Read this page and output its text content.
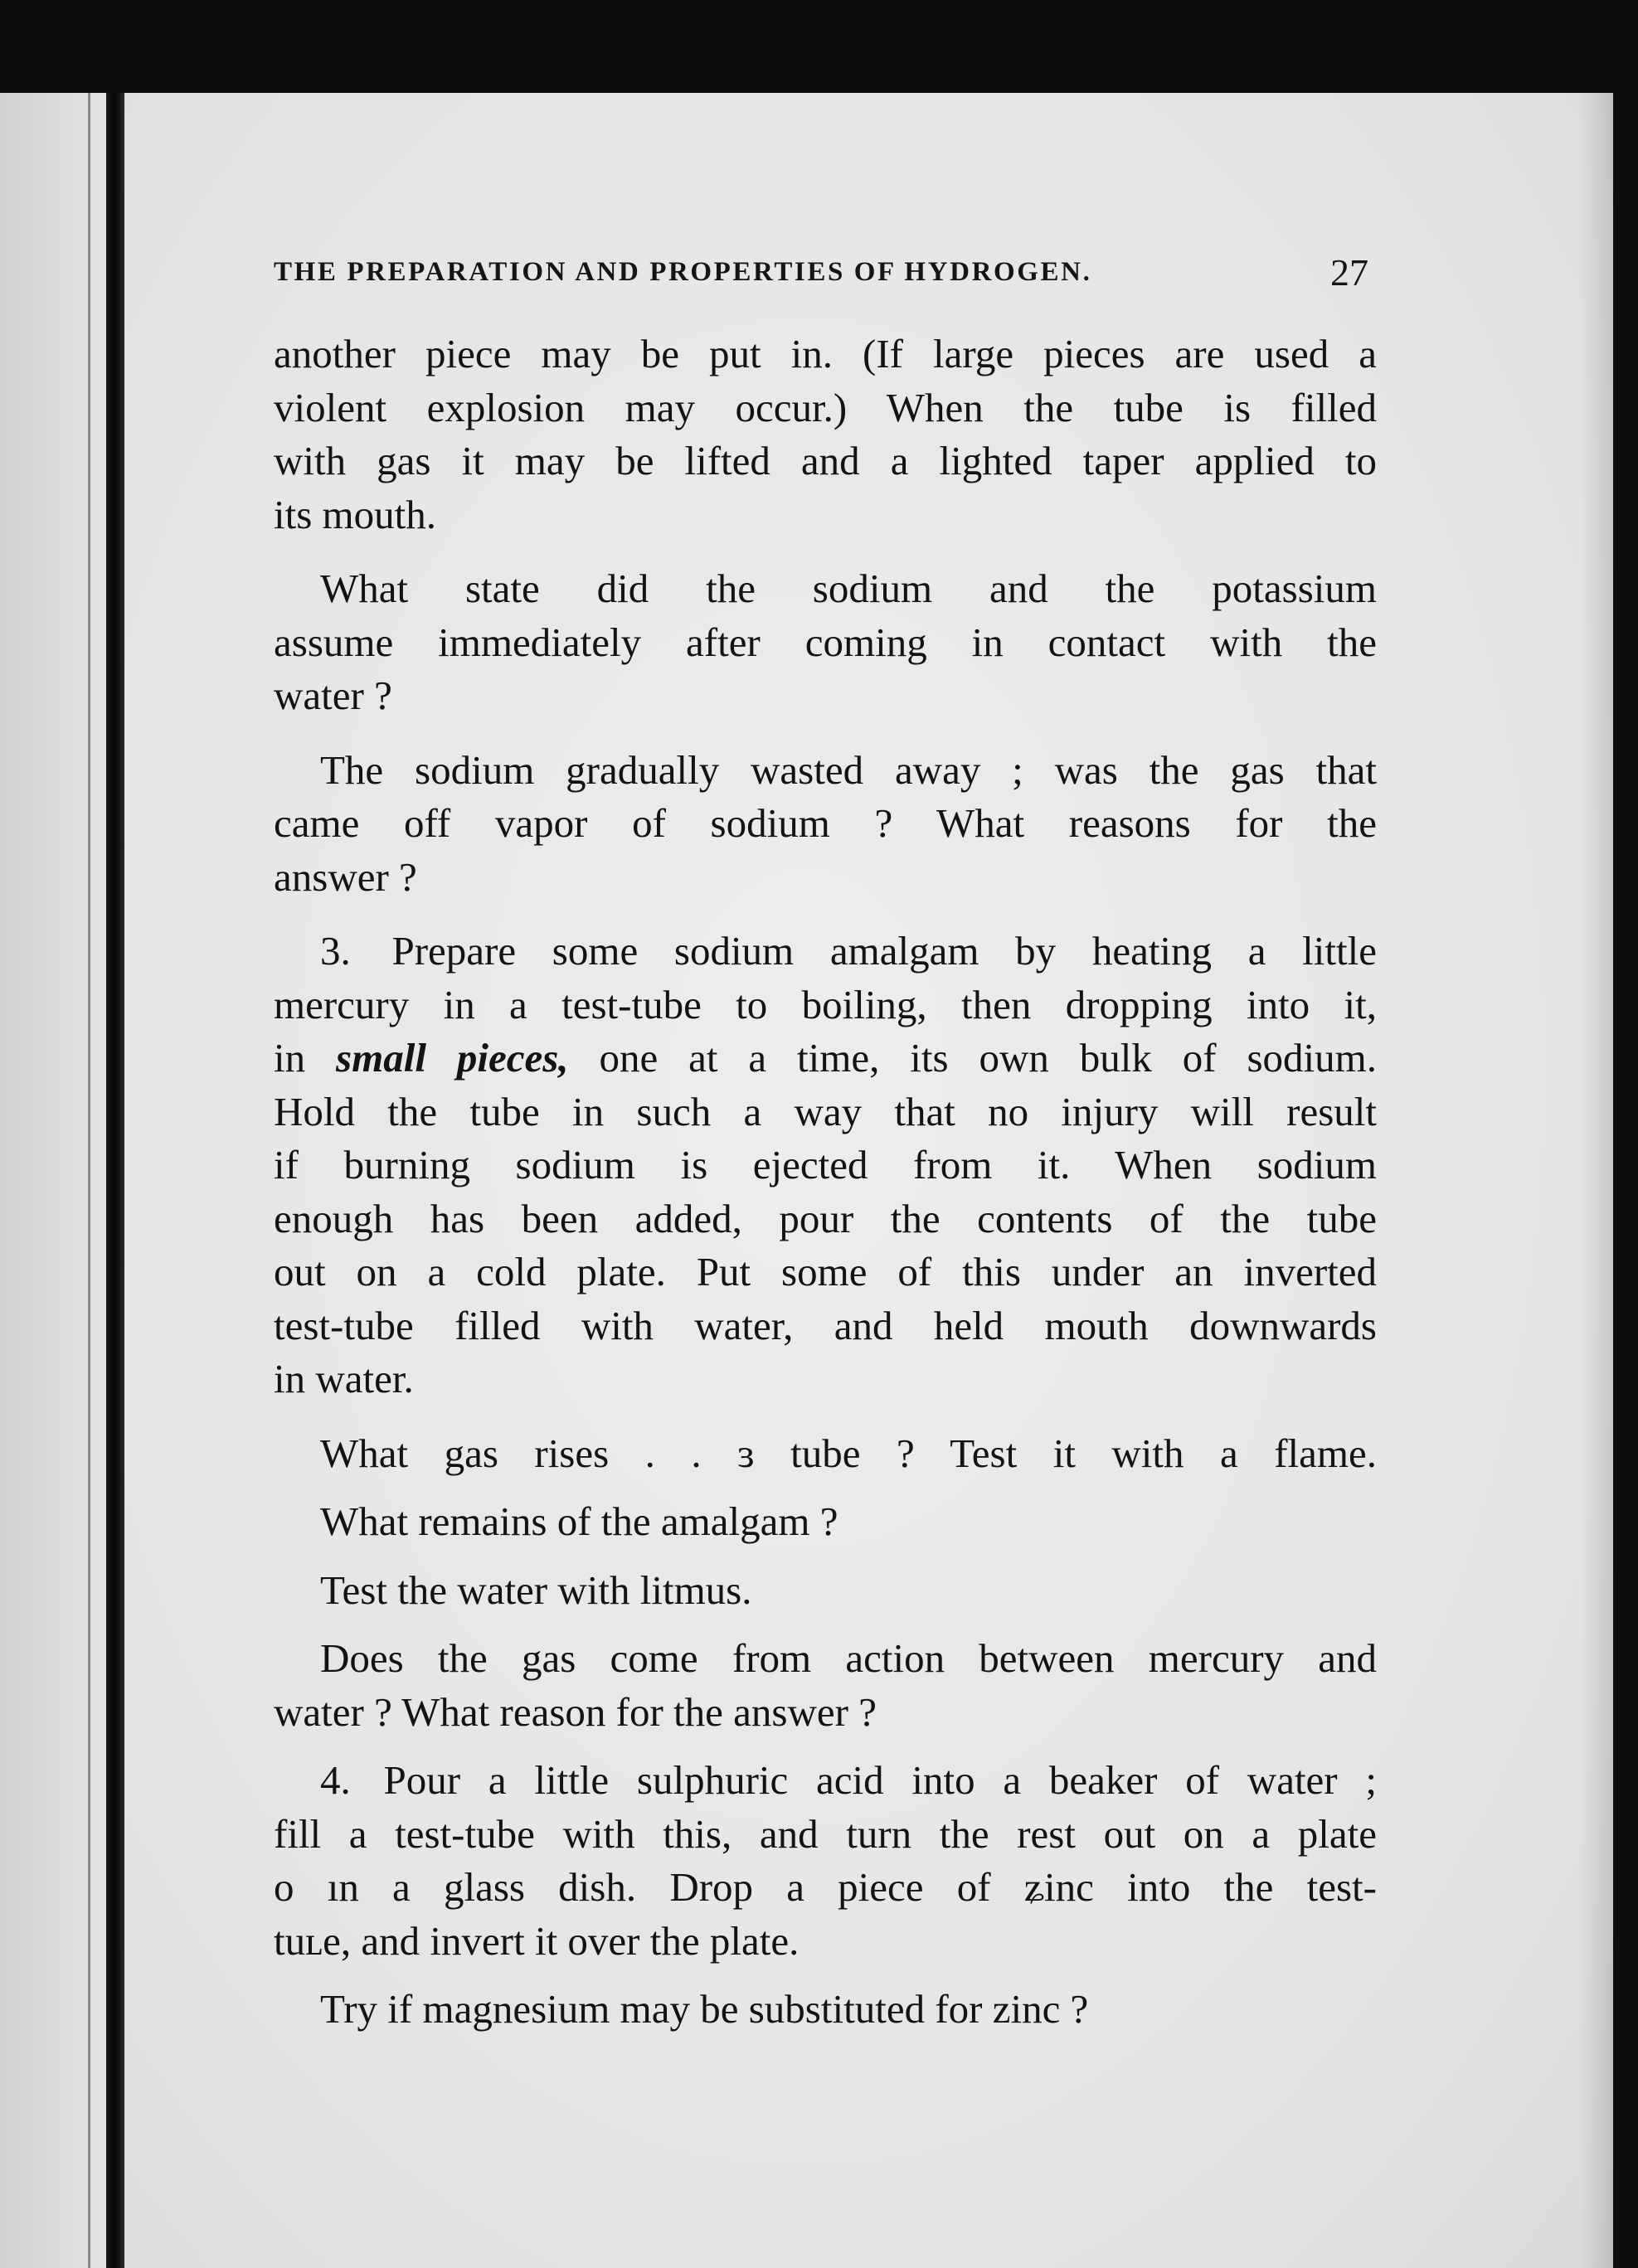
THE PREPARATION AND PROPERTIES OF HYDROGEN.	27
another piece may be put in. (If large pieces are used a
violent explosion may occur.) When the tube is filled
with gas it may be lifted and a lighted taper applied to
its mouth.
What state did the sodium and the potassium
assume immediately after coming in contact with the
water ?
The sodium gradually wasted away ; was the gas that
came off vapor of sodium ? What reasons for the
answer ?
3. Prepare some sodium amalgam by heating a little
mercury in a test-tube to boiling, then dropping into it,
in small pieces, one at a time, its own bulk of sodium.
Hold the tube in such a way that no injury will result
if burning sodium is ejected from it. When sodium
enough has been added, pour the contents of the tube
out on a cold plate. Put some of this under an inverted
test-tube filled with water, and held mouth downwards
in water.
What gas rises . . ɜ tube ? Test it with a flame.
What remains of the amalgam ?
Test the water with litmus.
Does the gas come from action between mercury and
water ? What reason for the answer ?
4. Pour a little sulphuric acid into a beaker of water ;
fill a test-tube with this, and turn the rest out on a plate
o ın a glass dish. Drop a piece of ʑinc into the test-
tuʟe, and invert it over the plate.
Try if magnesium may be substituted for zinc ?
